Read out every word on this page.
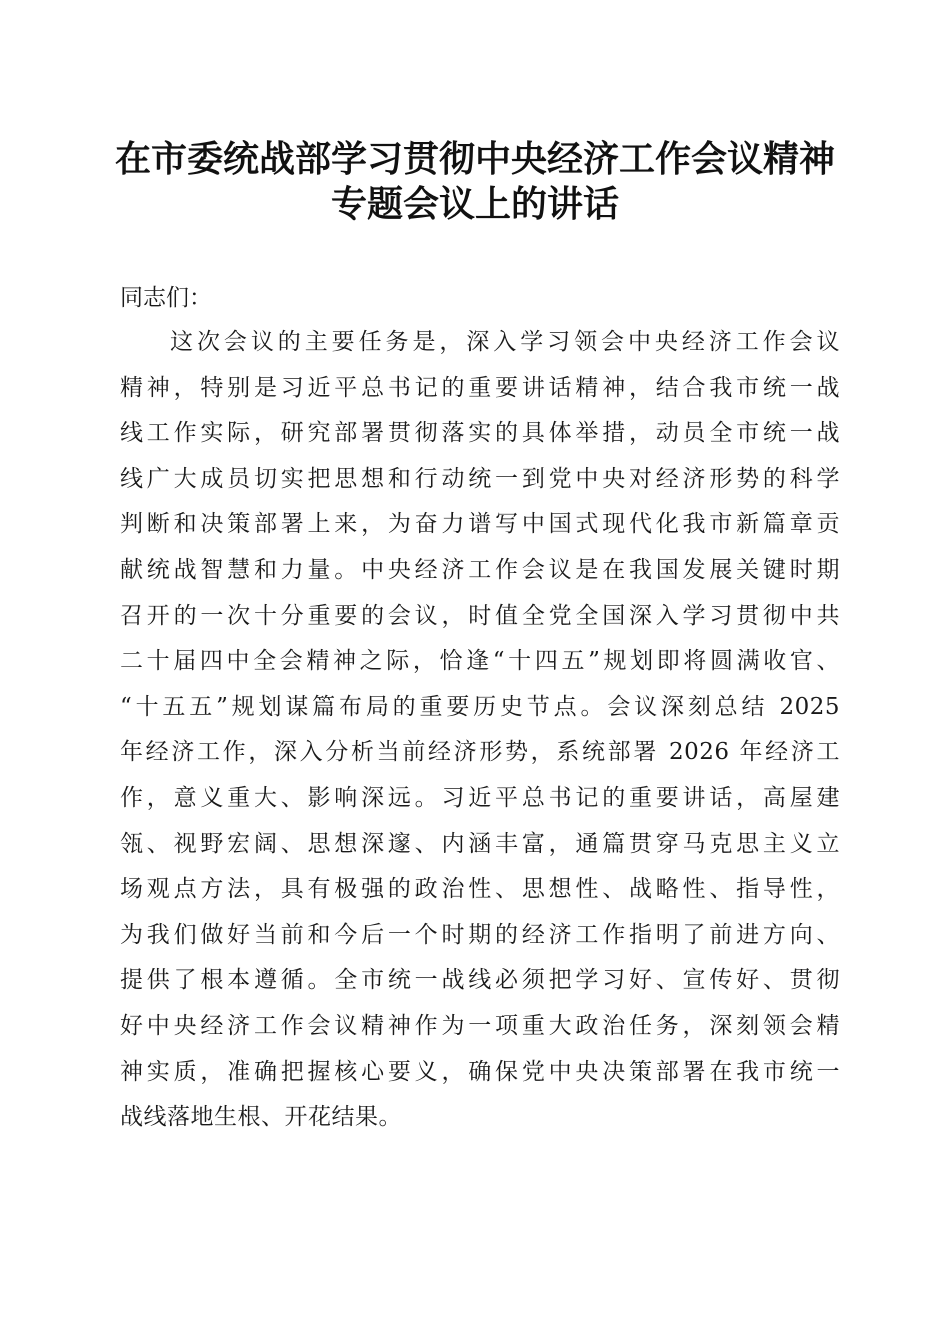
在市委统战部学习贯彻中央经济工作会议精神
专题会议上的讲话

同志们：

这次会议的主要任务是，深入学习领会中央经济工作会议
精神，特别是习近平总书记的重要讲话精神，结合我市统一战
线工作实际，研究部署贯彻落实的具体举措，动员全市统一战
线广大成员切实把思想和行动统一到党中央对经济形势的科学
判断和决策部署上来，为奋力谱写中国式现代化我市新篇章贡
献统战智慧和力量。中央经济工作会议是在我国发展关键时期
召开的一次十分重要的会议，时值全党全国深入学习贯彻中共
二十届四中全会精神之际，恰逢“十四五”规划即将圆满收官、
“十五五”规划谋篇布局的重要历史节点。会议深刻总结 2025
年经济工作，深入分析当前经济形势，系统部署 2026 年经济工
作，意义重大、影响深远。习近平总书记的重要讲话，高屋建
瓴、视野宏阔、思想深邃、内涵丰富，通篇贯穿马克思主义立
场观点方法，具有极强的政治性、思想性、战略性、指导性，
为我们做好当前和今后一个时期的经济工作指明了前进方向、
提供了根本遵循。全市统一战线必须把学习好、宣传好、贯彻
好中央经济工作会议精神作为一项重大政治任务，深刻领会精
神实质，准确把握核心要义，确保党中央决策部署在我市统一
战线落地生根、开花结果。
